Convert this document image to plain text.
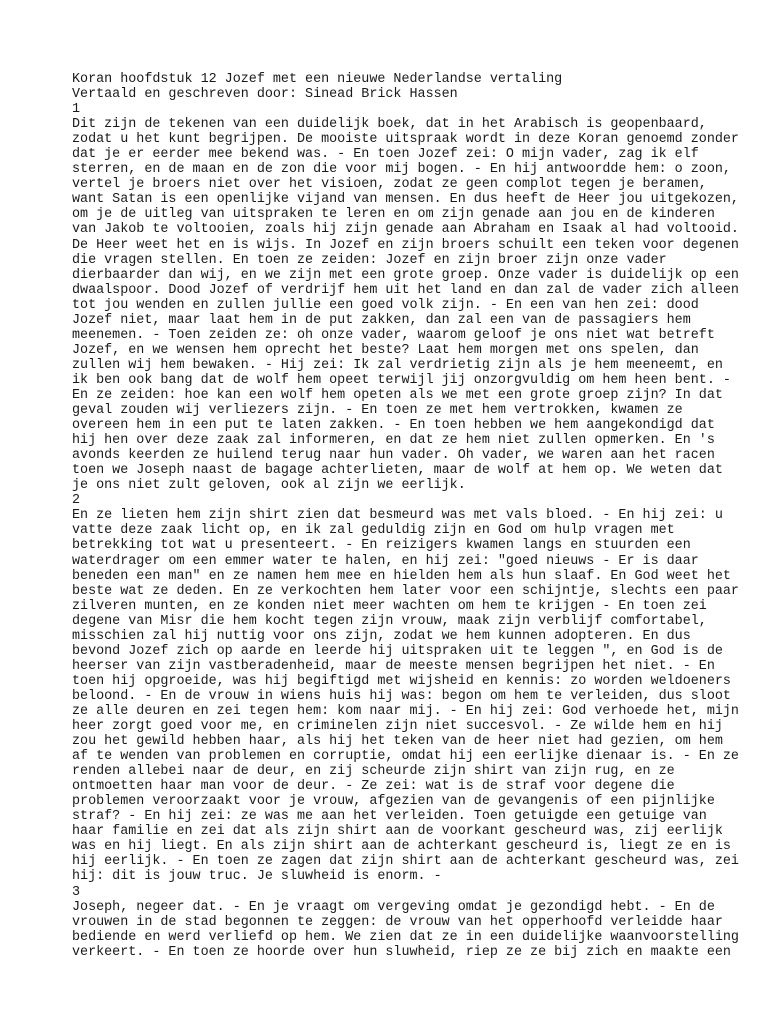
Koran hoofdstuk 12 Jozef met een nieuwe Nederlandse vertaling
Vertaald en geschreven door: Sinead Brick Hassen
1
Dit zijn de tekenen van een duidelijk boek, dat in het Arabisch is geopenbaard,
zodat u het kunt begrijpen. De mooiste uitspraak wordt in deze Koran genoemd zonder
dat je er eerder mee bekend was. - En toen Jozef zei: O mijn vader, zag ik elf
sterren, en de maan en de zon die voor mij bogen. - En hij antwoordde hem: o zoon,
vertel je broers niet over het visioen, zodat ze geen complot tegen je beramen,
want Satan is een openlijke vijand van mensen. En dus heeft de Heer jou uitgekozen,
om je de uitleg van uitspraken te leren en om zijn genade aan jou en de kinderen
van Jakob te voltooien, zoals hij zijn genade aan Abraham en Isaak al had voltooid.
De Heer weet het en is wijs. In Jozef en zijn broers schuilt een teken voor degenen
die vragen stellen. En toen ze zeiden: Jozef en zijn broer zijn onze vader
dierbaarder dan wij, en we zijn met een grote groep. Onze vader is duidelijk op een
dwaalspoor. Dood Jozef of verdrijf hem uit het land en dan zal de vader zich alleen
tot jou wenden en zullen jullie een goed volk zijn. - En een van hen zei: dood
Jozef niet, maar laat hem in de put zakken, dan zal een van de passagiers hem
meenemen. - Toen zeiden ze: oh onze vader, waarom geloof je ons niet wat betreft
Jozef, en we wensen hem oprecht het beste? Laat hem morgen met ons spelen, dan
zullen wij hem bewaken. - Hij zei: Ik zal verdrietig zijn als je hem meeneemt, en
ik ben ook bang dat de wolf hem opeet terwijl jij onzorgvuldig om hem heen bent. -
En ze zeiden: hoe kan een wolf hem opeten als we met een grote groep zijn? In dat
geval zouden wij verliezers zijn. - En toen ze met hem vertrokken, kwamen ze
overeen hem in een put te laten zakken. - En toen hebben we hem aangekondigd dat
hij hen over deze zaak zal informeren, en dat ze hem niet zullen opmerken. En 's
avonds keerden ze huilend terug naar hun vader. Oh vader, we waren aan het racen
toen we Joseph naast de bagage achterlieten, maar de wolf at hem op. We weten dat
je ons niet zult geloven, ook al zijn we eerlijk.
2
En ze lieten hem zijn shirt zien dat besmeurd was met vals bloed. - En hij zei: u
vatte deze zaak licht op, en ik zal geduldig zijn en God om hulp vragen met
betrekking tot wat u presenteert. - En reizigers kwamen langs en stuurden een
waterdrager om een emmer water te halen, en hij zei: "goed nieuws - Er is daar
beneden een man" en ze namen hem mee en hielden hem als hun slaaf. En God weet het
beste wat ze deden. En ze verkochten hem later voor een schijntje, slechts een paar
zilveren munten, en ze konden niet meer wachten om hem te krijgen - En toen zei
degene van Misr die hem kocht tegen zijn vrouw, maak zijn verblijf comfortabel,
misschien zal hij nuttig voor ons zijn, zodat we hem kunnen adopteren. En dus
bevond Jozef zich op aarde en leerde hij uitspraken uit te leggen ", en God is de
heerser van zijn vastberadenheid, maar de meeste mensen begrijpen het niet. - En
toen hij opgroeide, was hij begiftigd met wijsheid en kennis: zo worden weldoeners
beloond. - En de vrouw in wiens huis hij was: begon om hem te verleiden, dus sloot
ze alle deuren en zei tegen hem: kom naar mij. - En hij zei: God verhoede het, mijn
heer zorgt goed voor me, en criminelen zijn niet succesvol. - Ze wilde hem en hij
zou het gewild hebben haar, als hij het teken van de heer niet had gezien, om hem
af te wenden van problemen en corruptie, omdat hij een eerlijke dienaar is. - En ze
renden allebei naar de deur, en zij scheurde zijn shirt van zijn rug, en ze
ontmoetten haar man voor de deur. - Ze zei: wat is de straf voor degene die
problemen veroorzaakt voor je vrouw, afgezien van de gevangenis of een pijnlijke
straf? - En hij zei: ze was me aan het verleiden. Toen getuigde een getuige van
haar familie en zei dat als zijn shirt aan de voorkant gescheurd was, zij eerlijk
was en hij liegt. En als zijn shirt aan de achterkant gescheurd is, liegt ze en is
hij eerlijk. - En toen ze zagen dat zijn shirt aan de achterkant gescheurd was, zei
hij: dit is jouw truc. Je sluwheid is enorm. -
3
Joseph, negeer dat. - En je vraagt om vergeving omdat je gezondigd hebt. - En de
vrouwen in de stad begonnen te zeggen: de vrouw van het opperhoofd verleidde haar
bediende en werd verliefd op hem. We zien dat ze in een duidelijke waanvoorstelling
verkeert. - En toen ze hoorde over hun sluwheid, riep ze ze bij zich en maakte een
